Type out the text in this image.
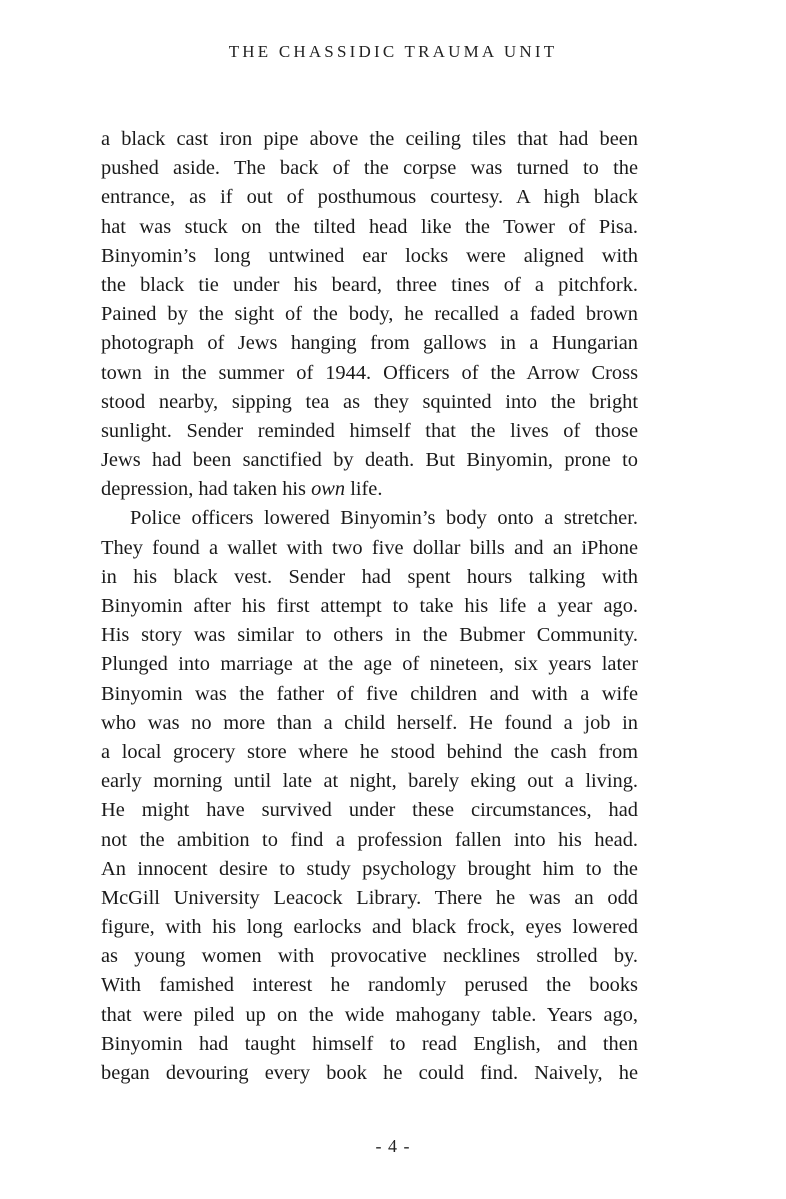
THE CHASSIDIC TRAUMA UNIT
a black cast iron pipe above the ceiling tiles that had been
pushed aside. The back of the corpse was turned to the
entrance, as if out of posthumous courtesy. A high black
hat was stuck on the tilted head like the Tower of Pisa.
Binyomin’s long untwined ear locks were aligned with
the black tie under his beard, three tines of a pitchfork.
Pained by the sight of the body, he recalled a faded brown
photograph of Jews hanging from gallows in a Hungarian
town in the summer of 1944. Officers of the Arrow Cross
stood nearby, sipping tea as they squinted into the bright
sunlight. Sender reminded himself that the lives of those
Jews had been sanctified by death. But Binyomin, prone to
depression, had taken his own life.
Police officers lowered Binyomin’s body onto a stretcher.
They found a wallet with two five dollar bills and an iPhone
in his black vest. Sender had spent hours talking with
Binyomin after his first attempt to take his life a year ago.
His story was similar to others in the Bubmer Community.
Plunged into marriage at the age of nineteen, six years later
Binyomin was the father of five children and with a wife
who was no more than a child herself. He found a job in
a local grocery store where he stood behind the cash from
early morning until late at night, barely eking out a living.
He might have survived under these circumstances, had
not the ambition to find a profession fallen into his head.
An innocent desire to study psychology brought him to the
McGill University Leacock Library. There he was an odd
figure, with his long earlocks and black frock, eyes lowered
as young women with provocative necklines strolled by.
With famished interest he randomly perused the books
that were piled up on the wide mahogany table. Years ago,
Binyomin had taught himself to read English, and then
began devouring every book he could find. Naively, he
- 4 -
